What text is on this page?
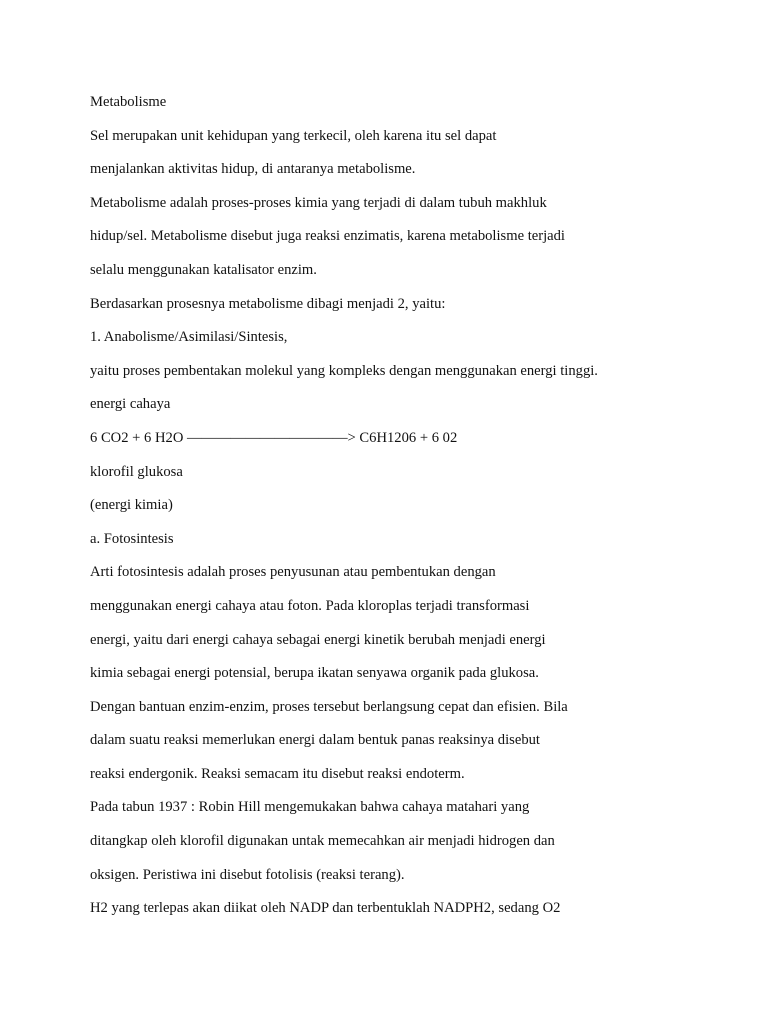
Metabolisme

Sel merupakan unit kehidupan yang terkecil, oleh karena itu sel dapat

menjalankan aktivitas hidup, di antaranya metabolisme.

Metabolisme adalah proses-proses kimia yang terjadi di dalam tubuh makhluk

hidup/sel. Metabolisme disebut juga reaksi enzimatis, karena metabolisme terjadi

selalu menggunakan katalisator enzim.

Berdasarkan prosesnya metabolisme dibagi menjadi 2, yaitu:

1. Anabolisme/Asimilasi/Sintesis,

yaitu proses pembentakan molekul yang kompleks dengan menggunakan energi tinggi.

energi cahaya

6 CO2 + 6 H2O ———————————> C6H1206 + 6 02

klorofil glukosa

(energi kimia)

a. Fotosintesis

Arti fotosintesis adalah proses penyusunan atau pembentukan dengan

menggunakan energi cahaya atau foton. Pada kloroplas terjadi transformasi

energi, yaitu dari energi cahaya sebagai energi kinetik berubah menjadi energi

kimia sebagai energi potensial, berupa ikatan senyawa organik pada glukosa.

Dengan bantuan enzim-enzim, proses tersebut berlangsung cepat dan efisien. Bila

dalam suatu reaksi memerlukan energi dalam bentuk panas reaksinya disebut

reaksi endergonik. Reaksi semacam itu disebut reaksi endoterm.

Pada tabun 1937 : Robin Hill mengemukakan bahwa cahaya matahari yang

ditangkap oleh klorofil digunakan untak memecahkan air menjadi hidrogen dan

oksigen. Peristiwa ini disebut fotolisis (reaksi terang).

H2 yang terlepas akan diikat oleh NADP dan terbentuklah NADPH2, sedang O2
